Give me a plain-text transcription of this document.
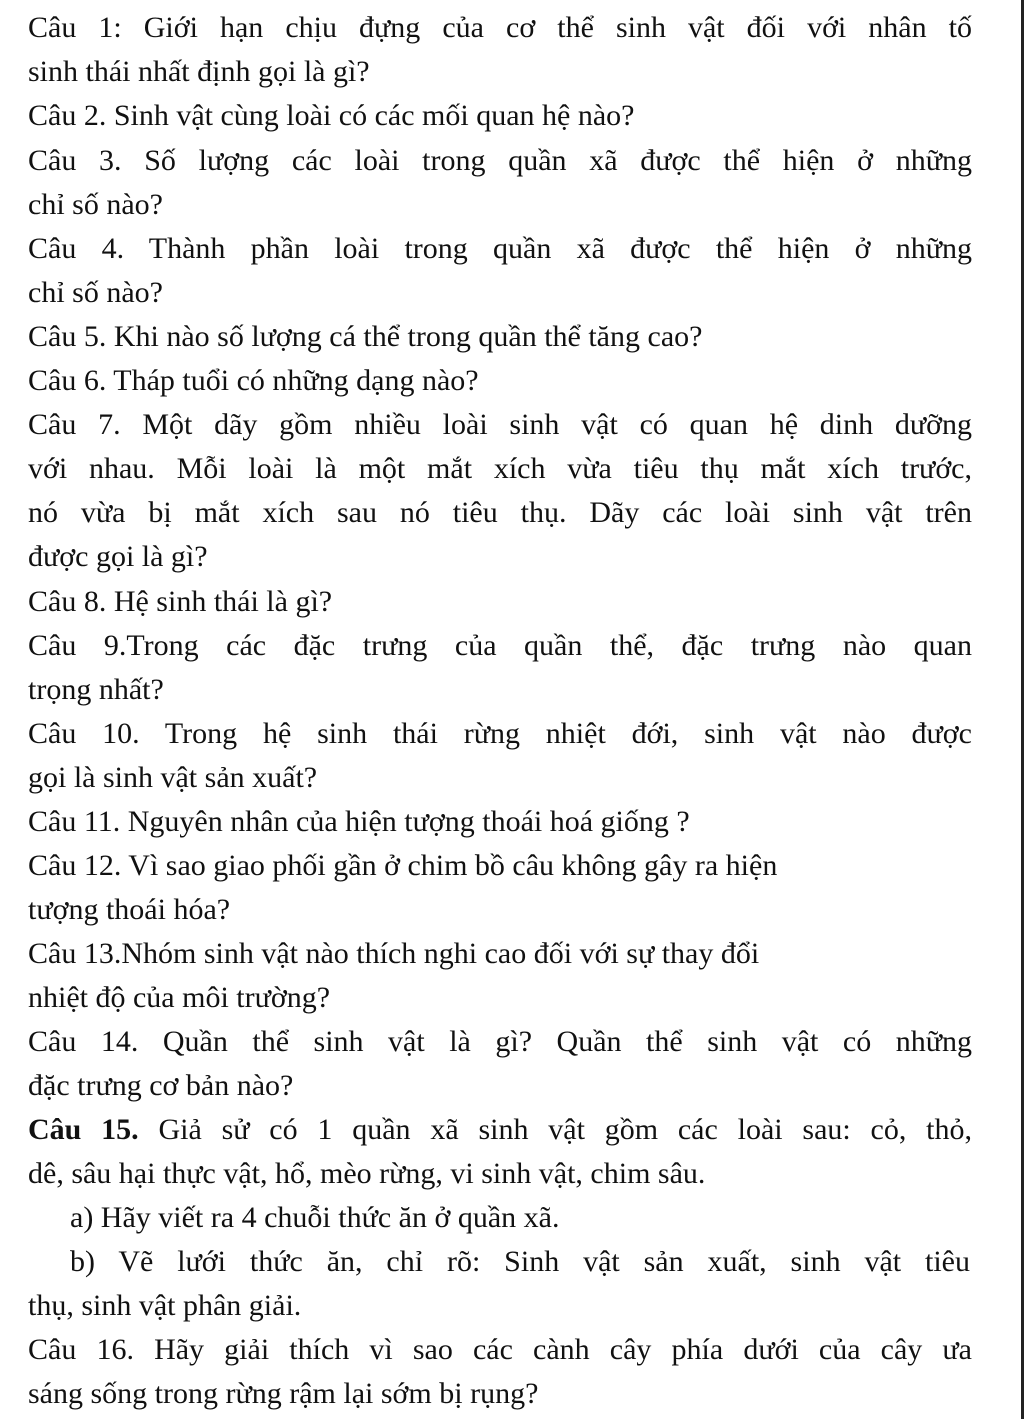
Câu 1: Giới hạn chịu đựng của cơ thể sinh vật đối với nhân tố
sinh thái nhất định gọi là gì?
Câu 2. Sinh vật cùng loài có các mối quan hệ nào?
Câu 3. Số lượng các loài trong quần xã được thể hiện ở những
chỉ số nào?
Câu 4. Thành phần loài trong quần xã được thể hiện ở những
chỉ số nào?
Câu 5. Khi nào số lượng cá thể trong quần thể tăng cao?
Câu 6. Tháp tuổi có những dạng nào?
Câu 7. Một dãy gồm nhiều loài sinh vật có quan hệ dinh dưỡng
với nhau. Mỗi loài là một mắt xích vừa tiêu thụ mắt xích trước,
nó vừa bị mắt xích sau nó tiêu thụ. Dãy các loài sinh vật trên
được gọi là gì?
Câu 8. Hệ sinh thái là gì?
Câu 9.Trong các đặc trưng của quần thể, đặc trưng nào quan
trọng nhất?
Câu 10. Trong hệ sinh thái rừng nhiệt đới, sinh vật nào được
gọi là sinh vật sản xuất?
Câu 11. Nguyên nhân của hiện tượng thoái hoá giống ?
Câu 12. Vì sao giao phối gần ở chim bồ câu không gây ra hiện
tượng thoái hóa?
Câu 13.Nhóm sinh vật nào thích nghi cao đối với sự thay đổi
nhiệt độ của môi trường?
Câu 14. Quần thể sinh vật là gì? Quần thể sinh vật có những
đặc trưng cơ bản nào?
Câu 15. Giả sử có 1 quần xã sinh vật gồm các loài sau: cỏ, thỏ,
dê, sâu hại thực vật, hổ, mèo rừng, vi sinh vật, chim sâu.
a) Hãy viết ra 4 chuỗi thức ăn ở quần xã.
b) Vẽ lưới thức ăn, chỉ rõ: Sinh vật sản xuất, sinh vật tiêu
thụ, sinh vật phân giải.
Câu 16. Hãy giải thích vì sao các cành cây phía dưới của cây ưa
sáng sống trong rừng rậm lại sớm bị rụng?
